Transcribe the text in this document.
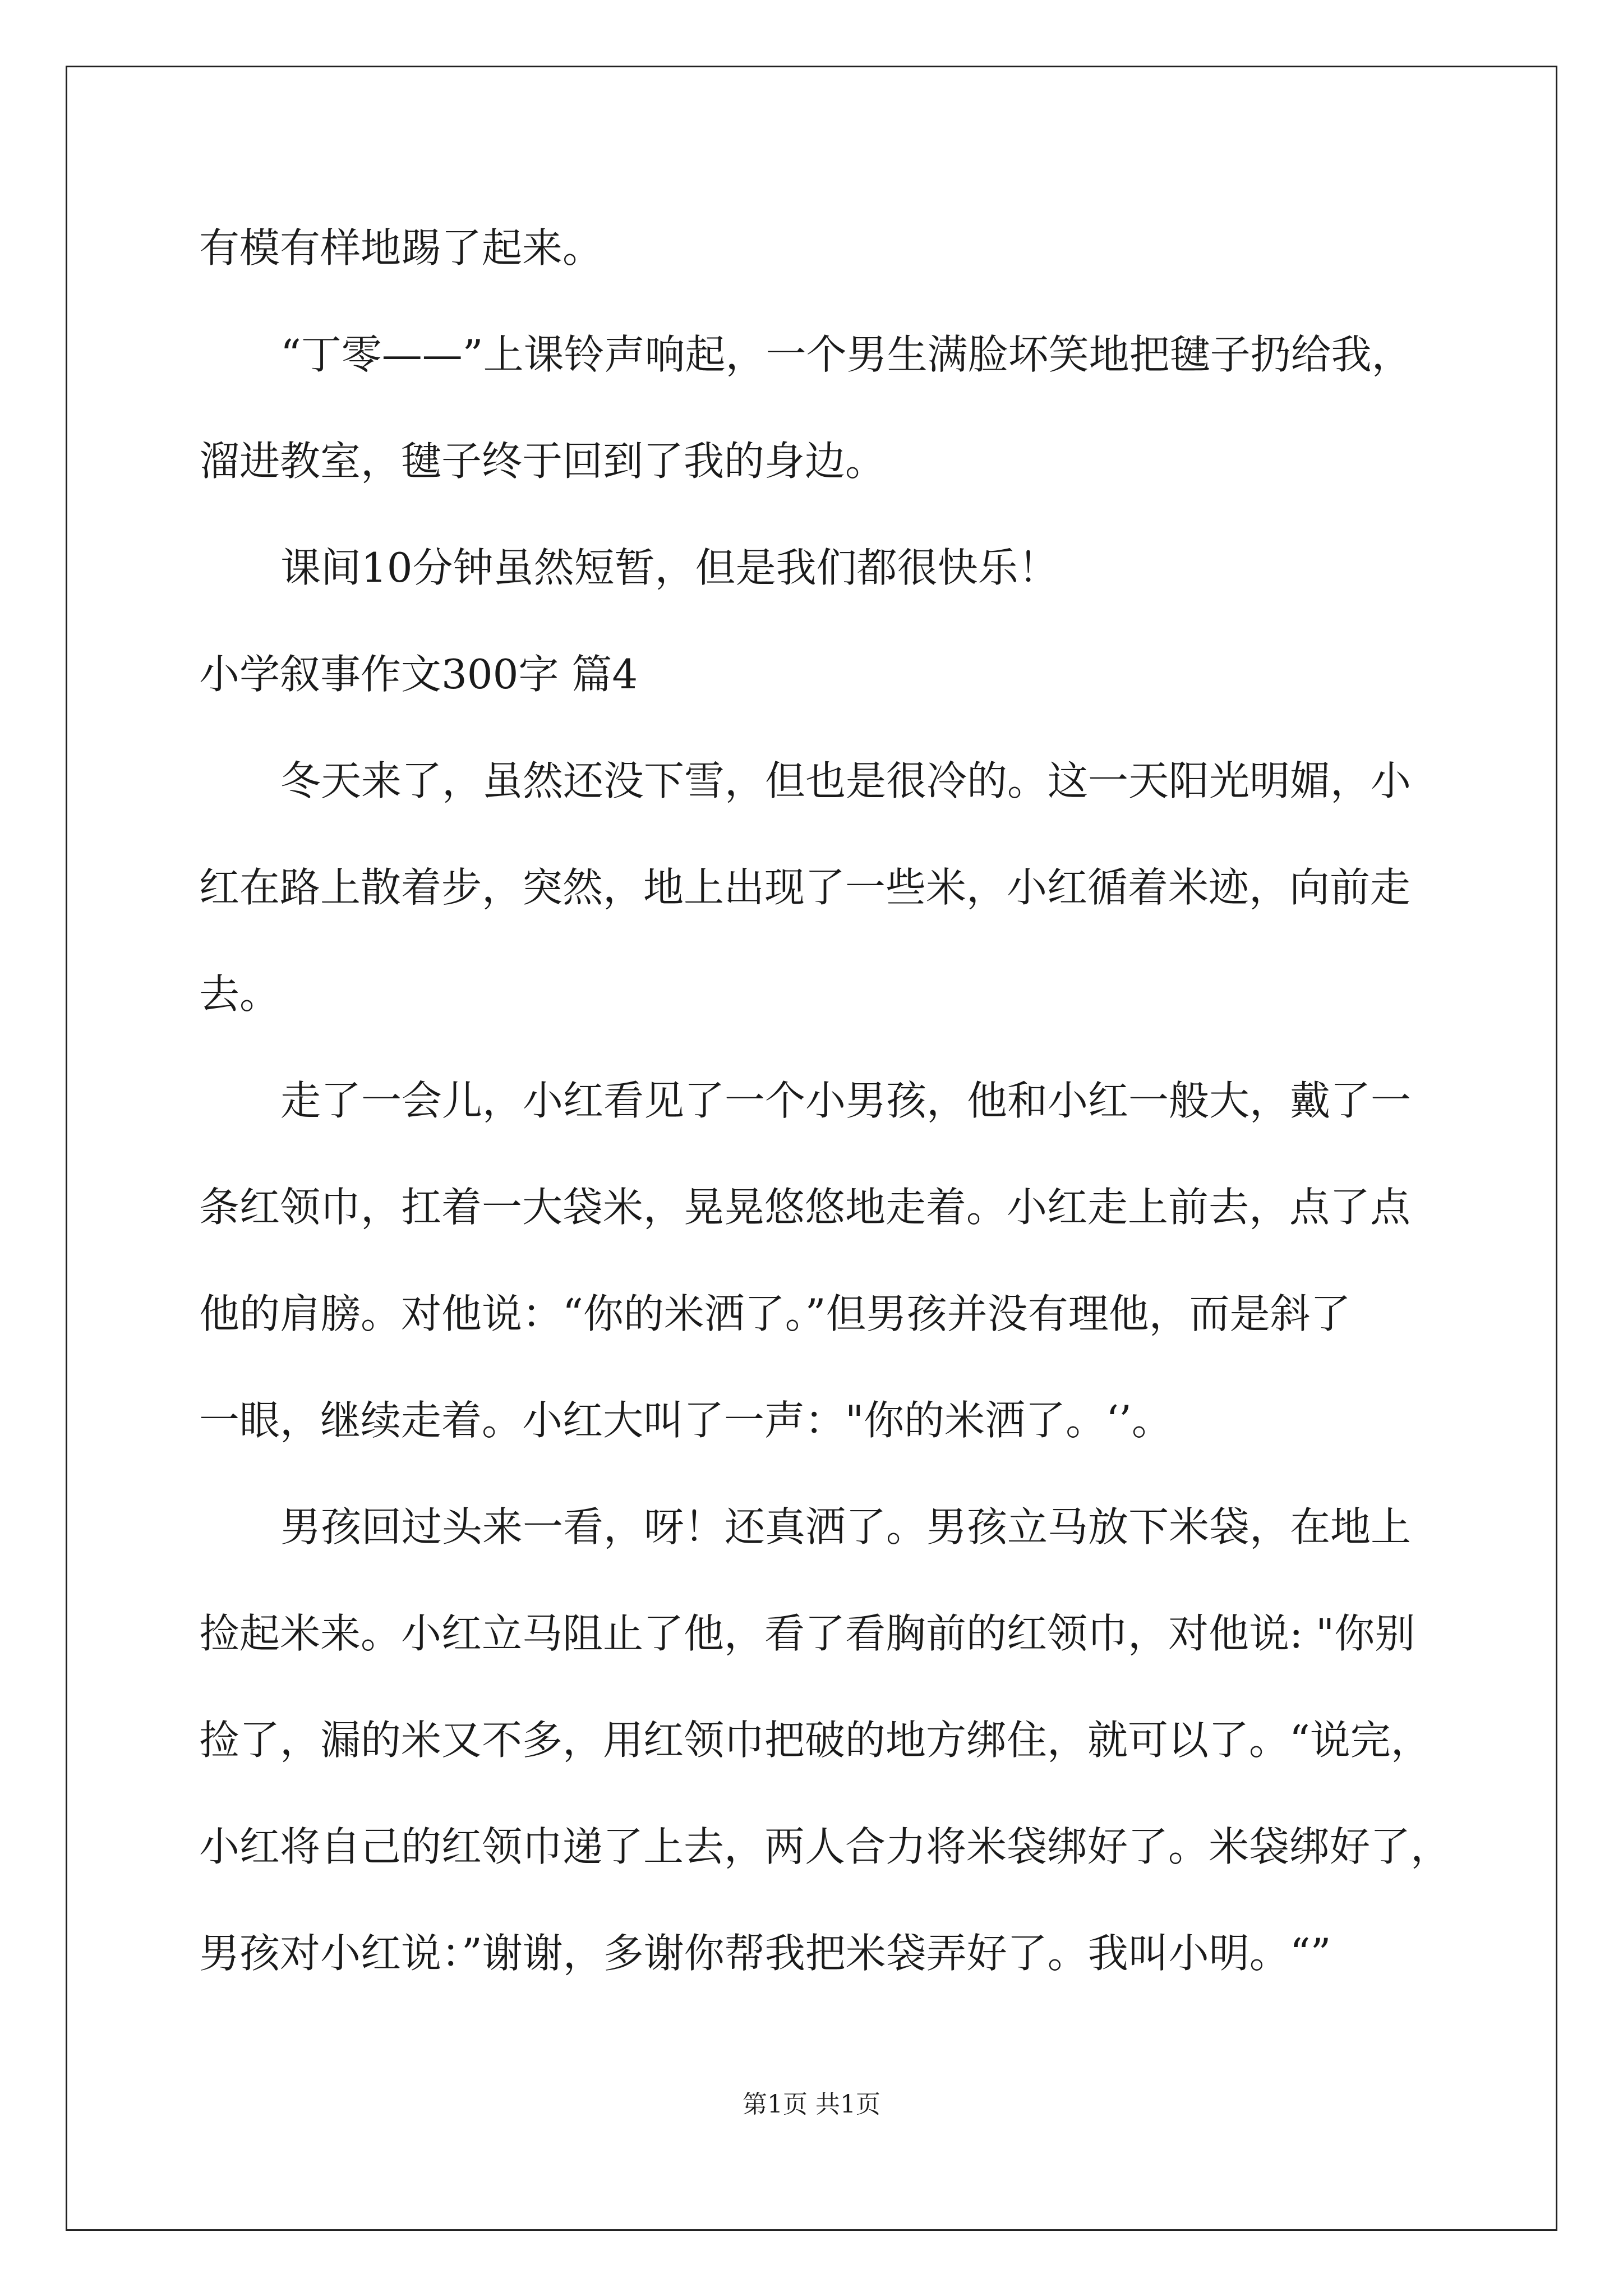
有模有样地踢了起来。

“丁零——”上课铃声响起，一个男生满脸坏笑地把毽子扔给我，

溜进教室，毽子终于回到了我的身边。

课间10分钟虽然短暂，但是我们都很快乐！

小学叙事作文300字 篇4

冬天来了，虽然还没下雪，但也是很冷的。这一天阳光明媚，小

红在路上散着步，突然，地上出现了一些米，小红循着米迹，向前走

去。

走了一会儿，小红看见了一个小男孩，他和小红一般大，戴了一

条红领巾，扛着一大袋米，晃晃悠悠地走着。小红走上前去，点了点

他的肩膀。对他说：“你的米洒了。”但男孩并没有理他，而是斜了

一眼，继续走着。小红大叫了一声："你的米洒了。‘’。

男孩回过头来一看，呀！还真洒了。男孩立马放下米袋，在地上

捡起米来。小红立马阻止了他，看了看胸前的红领巾，对他说: "你别

捡了，漏的米又不多，用红领巾把破的地方绑住，就可以了。“说完，

小红将自己的红领巾递了上去，两人合力将米袋绑好了。米袋绑好了，

男孩对小红说：”谢谢，多谢你帮我把米袋弄好了。我叫小明。“”

第1页 共1页
